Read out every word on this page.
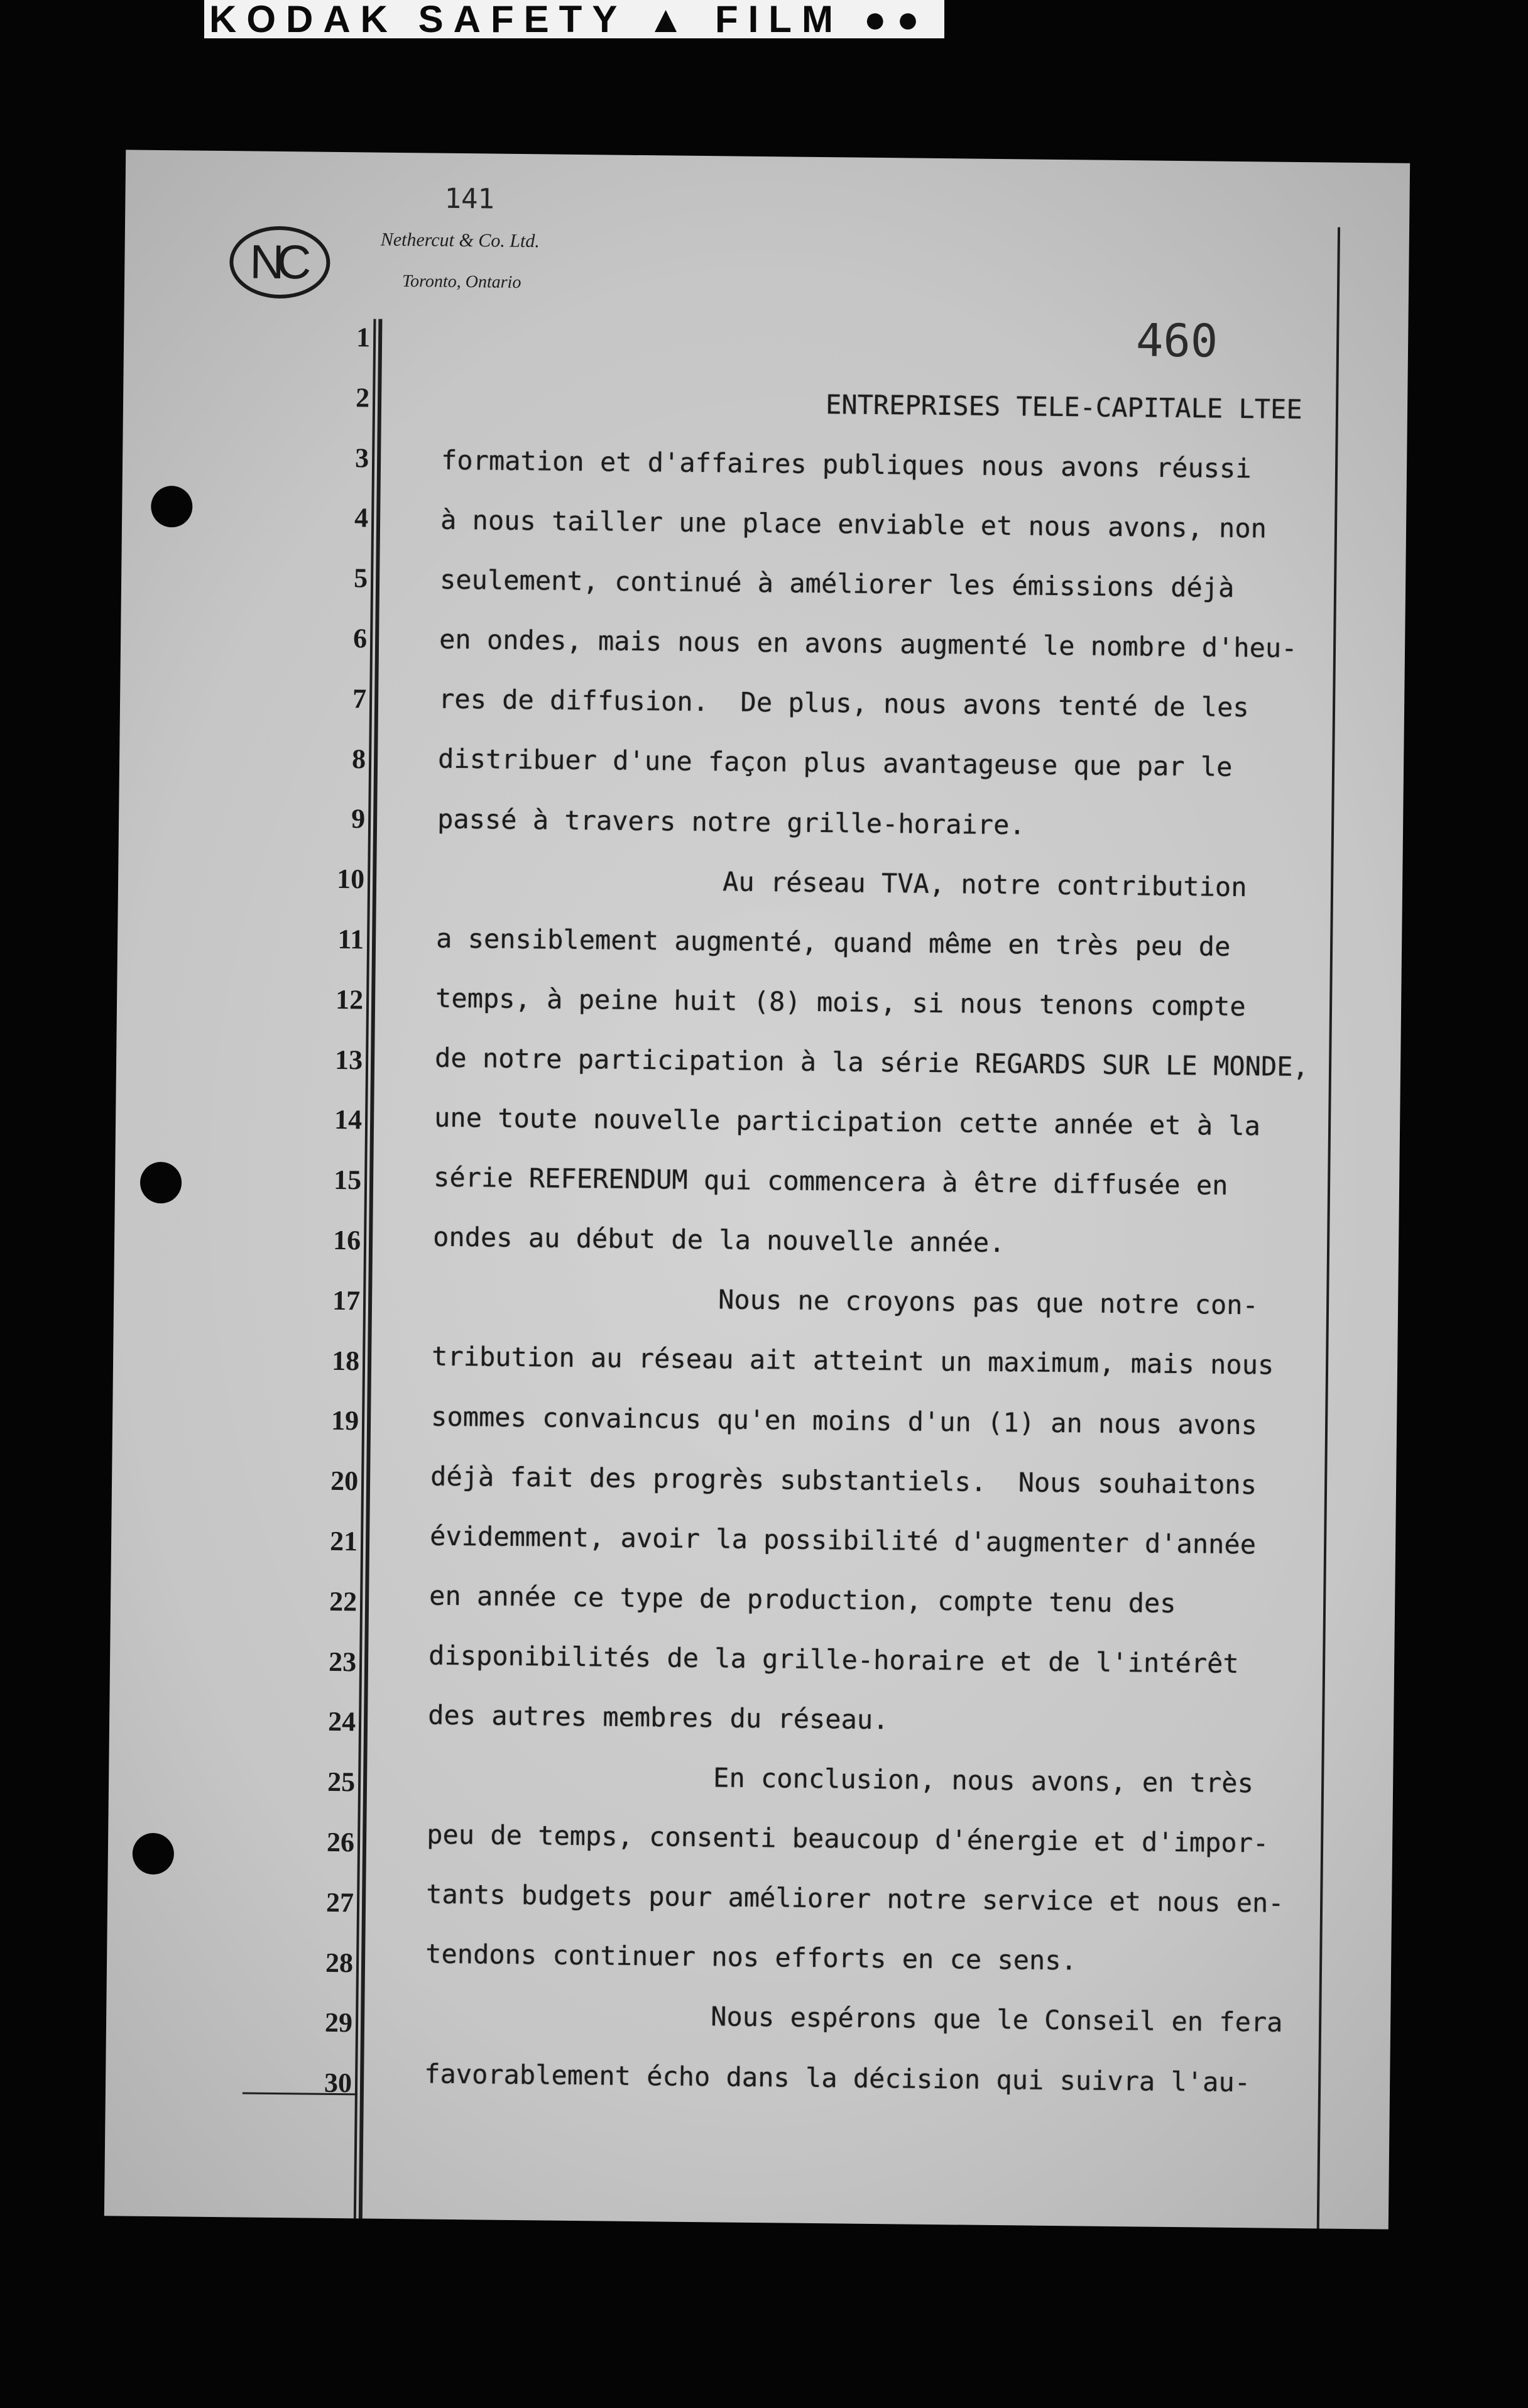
KODAK SAFETY ▲ FILM ●●
141
NC	Nethercut & Co. Ltd.
Toronto, Ontario
460
1
2
3
4
5
6
7
8
9
10
11
12
13
14
15
16
17
18
19
20
21
22
23
24
25
26
27
28
29
30
ENTREPRISES TELE-CAPITALE LTEE
formation et d'affaires publiques nous avons réussi
à nous tailler une place enviable et nous avons, non
seulement, continué à améliorer les émissions déjà
en ondes, mais nous en avons augmenté le nombre d'heu-
res de diffusion.  De plus, nous avons tenté de les
distribuer d'une façon plus avantageuse que par le
passé à travers notre grille-horaire.
Au réseau TVA, notre contribution
a sensiblement augmenté, quand même en très peu de
temps, à peine huit (8) mois, si nous tenons compte
de notre participation à la série REGARDS SUR LE MONDE,
une toute nouvelle participation cette année et à la
série REFERENDUM qui commencera à être diffusée en
ondes au début de la nouvelle année.
Nous ne croyons pas que notre con-
tribution au réseau ait atteint un maximum, mais nous
sommes convaincus qu'en moins d'un (1) an nous avons
déjà fait des progrès substantiels.  Nous souhaitons
évidemment, avoir la possibilité d'augmenter d'année
en année ce type de production, compte tenu des
disponibilités de la grille-horaire et de l'intérêt
des autres membres du réseau.
En conclusion, nous avons, en très
peu de temps, consenti beaucoup d'énergie et d'impor-
tants budgets pour améliorer notre service et nous en-
tendons continuer nos efforts en ce sens.
Nous espérons que le Conseil en fera
favorablement écho dans la décision qui suivra l'au-
